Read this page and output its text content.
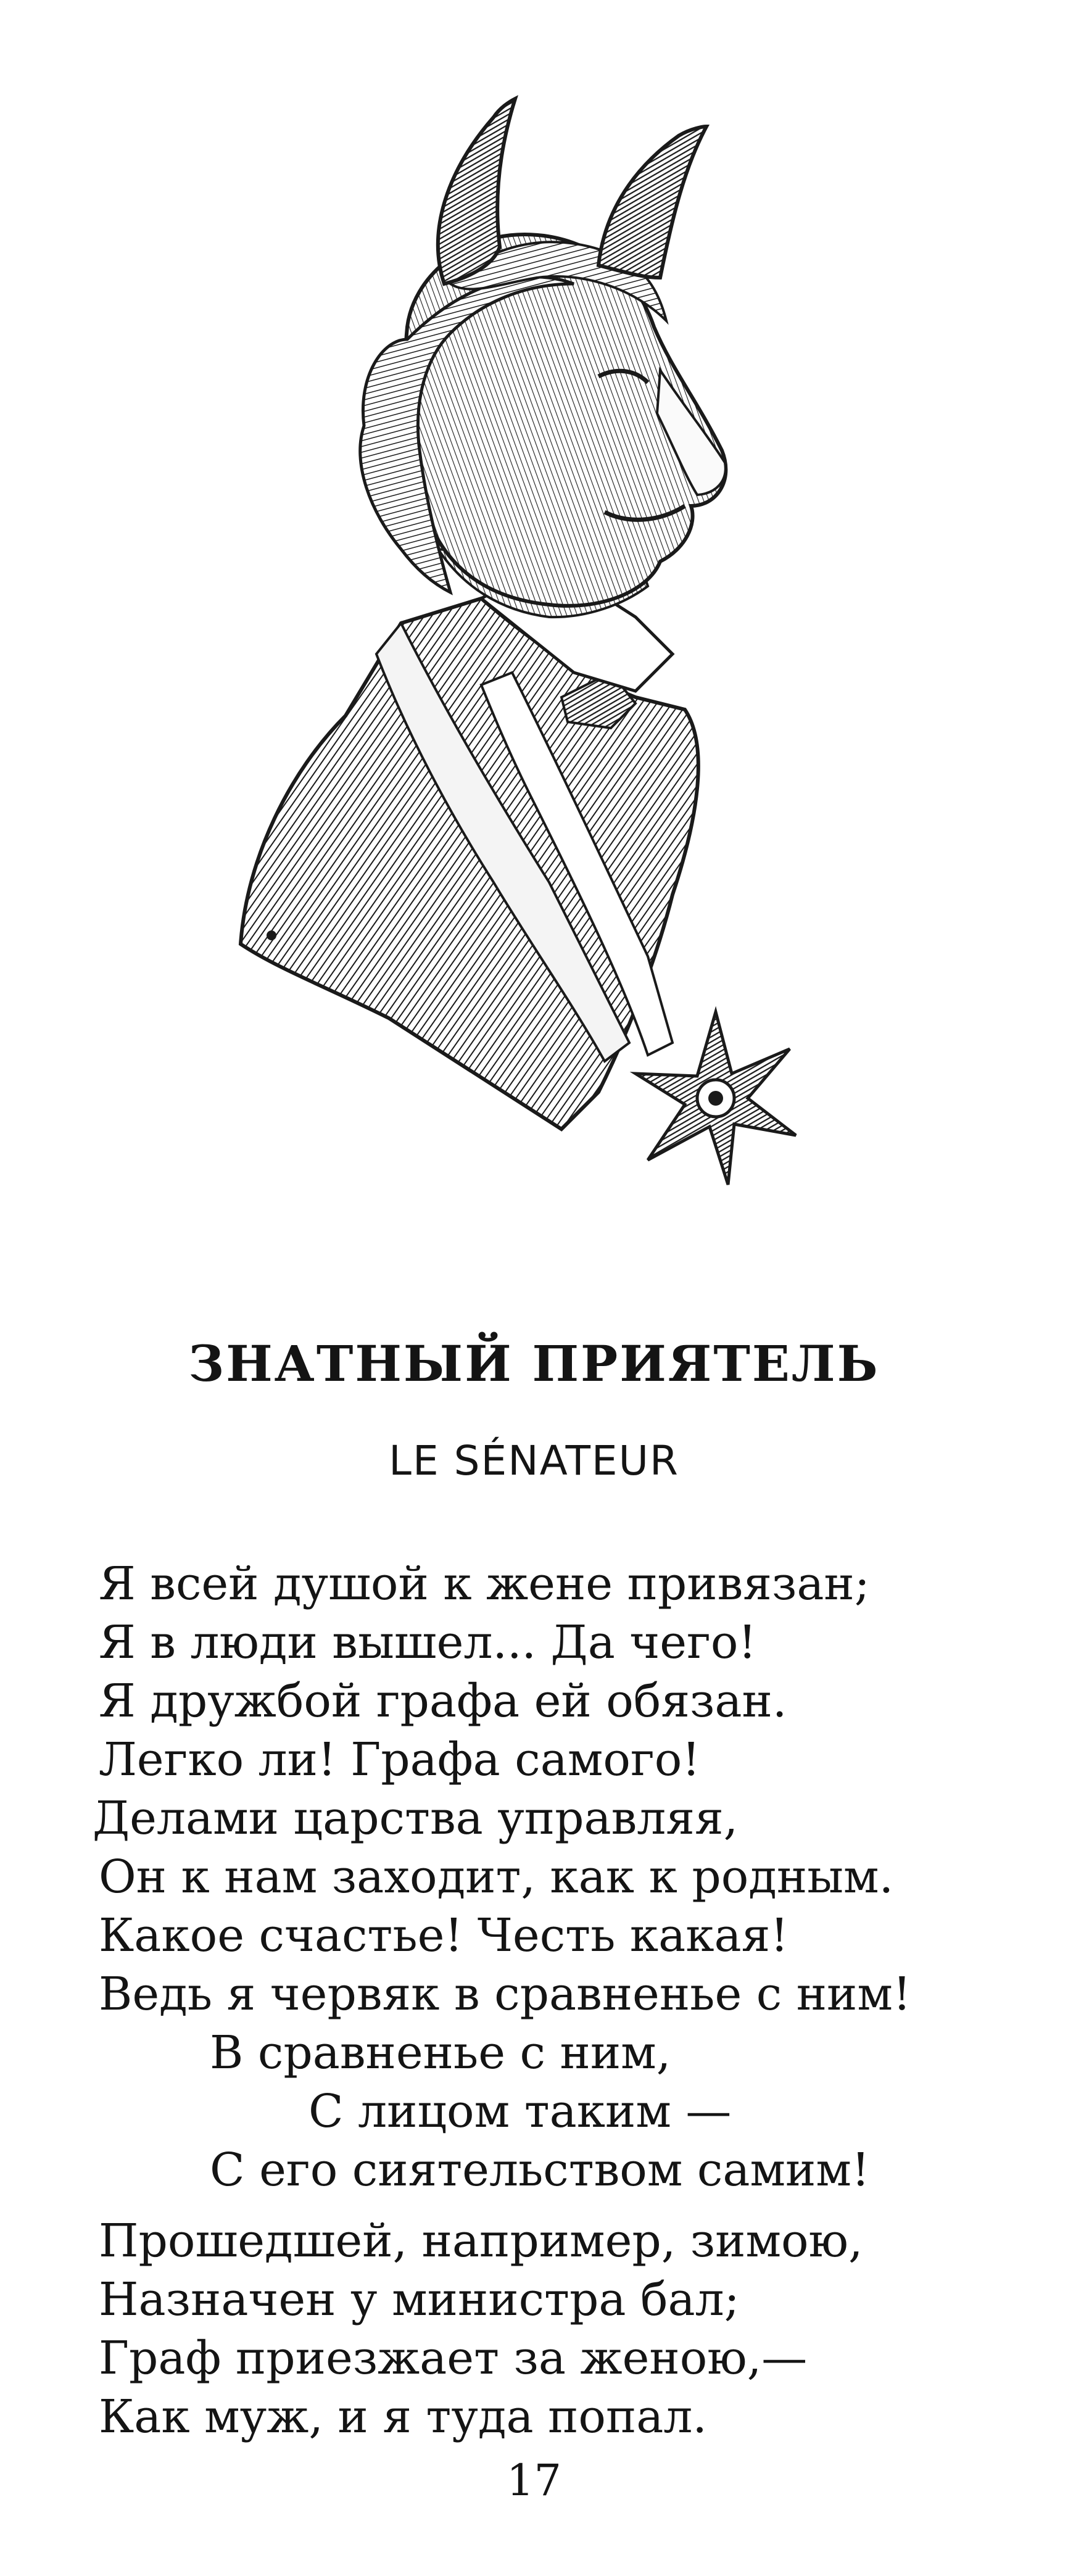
ЗНАТНЫЙ ПРИЯТЕЛЬ

LE SÉNATEUR

Я всей душой к жене привязан;
Я в люди вышел... Да чего!
Я дружбой графа ей обязан.
Легко ли! Графа самого!
Делами царства управляя,
Он к нам заходит, как к родным.
Какое счастье! Честь какая!
Ведь я червяк в сравненье с ним!
В сравненье с ним,
С лицом таким —
С его сиятельством самим!
Прошедшей, например, зимою,
Назначен у министра бал;
Граф приезжает за женою,—
Как муж, и я туда попал.
17
